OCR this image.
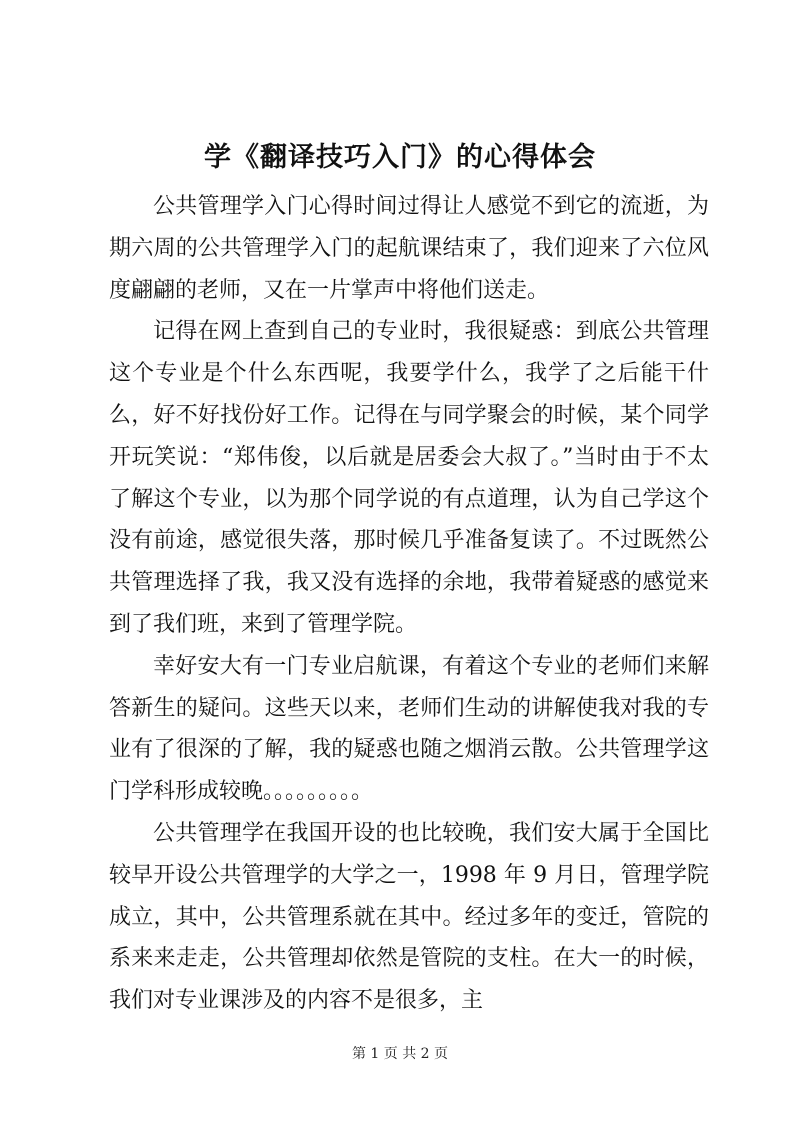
学《翻译技巧入门》的心得体会

公共管理学入门心得时间过得让人感觉不到它的流逝，为期六周的公共管理学入门的起航课结束了，我们迎来了六位风度翩翩的老师，又在一片掌声中将他们送走。

记得在网上查到自己的专业时，我很疑惑：到底公共管理这个专业是个什么东西呢，我要学什么，我学了之后能干什么，好不好找份好工作。记得在与同学聚会的时候，某个同学开玩笑说：“郑伟俊，以后就是居委会大叔了。”当时由于不太了解这个专业，以为那个同学说的有点道理，认为自己学这个没有前途，感觉很失落，那时候几乎准备复读了。不过既然公共管理选择了我，我又没有选择的余地，我带着疑惑的感觉来到了我们班，来到了管理学院。

幸好安大有一门专业启航课，有着这个专业的老师们来解答新生的疑问。这些天以来，老师们生动的讲解使我对我的专业有了很深的了解，我的疑惑也随之烟消云散。公共管理学这门学科形成较晚。。。。。。。。。

公共管理学在我国开设的也比较晚，我们安大属于全国比较早开设公共管理学的大学之一，1998 年 9 月日，管理学院成立，其中，公共管理系就在其中。经过多年的变迁，管院的系来来走走，公共管理却依然是管院的支柱。在大一的时候，我们对专业课涉及的内容不是很多，主

第 1 页 共 2 页
